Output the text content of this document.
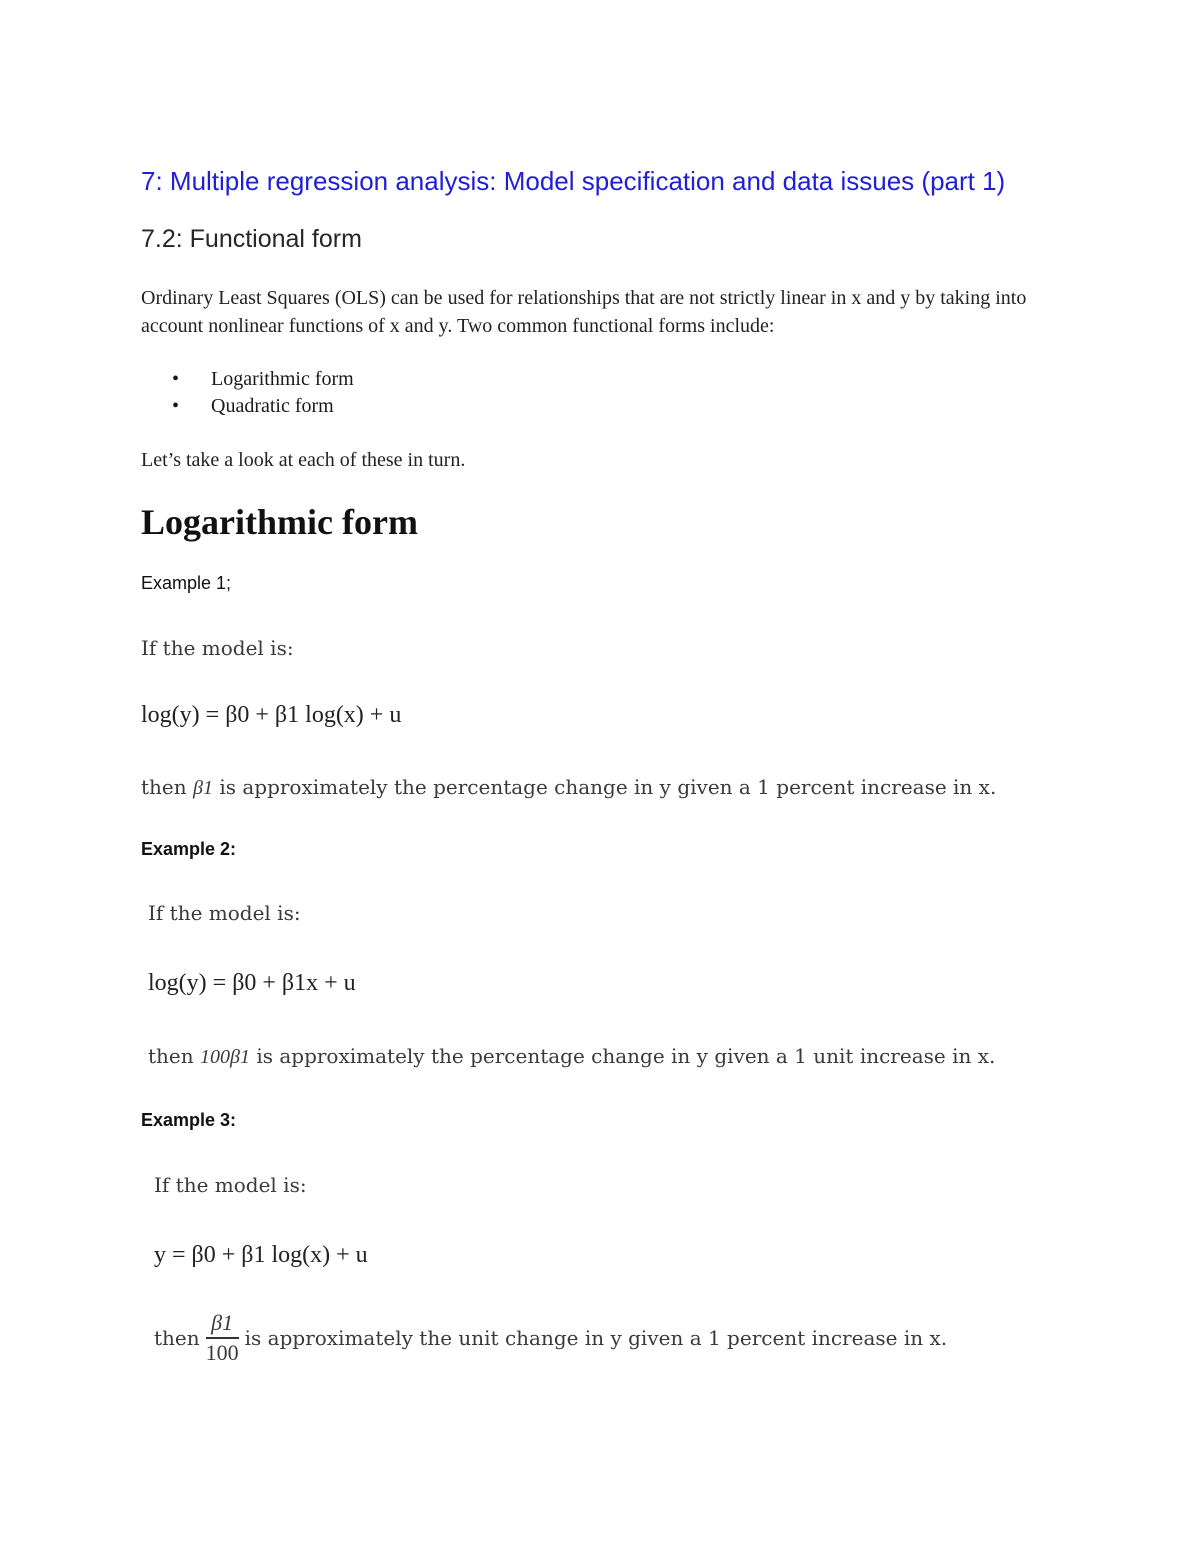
7: Multiple regression analysis: Model specification and data issues (part 1)
7.2: Functional form
Ordinary Least Squares (OLS) can be used for relationships that are not strictly linear in x and y by taking into account nonlinear functions of x and y. Two common functional forms include:
• Logarithmic form
• Quadratic form
Let’s take a look at each of these in turn.
Logarithmic form
Example 1;
If the model is:
log(y) = β0 + β1 log(x) + u
then β1 is approximately the percentage change in y given a 1 percent increase in x.
Example 2:
If the model is:
log(y) = β0 + β1x + u
then 100β1 is approximately the percentage change in y given a 1 unit increase in x.
Example 3:
If the model is:
y = β0 + β1 log(x) + u
then $\frac{\beta 1}{100}$ is approximately the unit change in y given a 1 percent increase in x.
